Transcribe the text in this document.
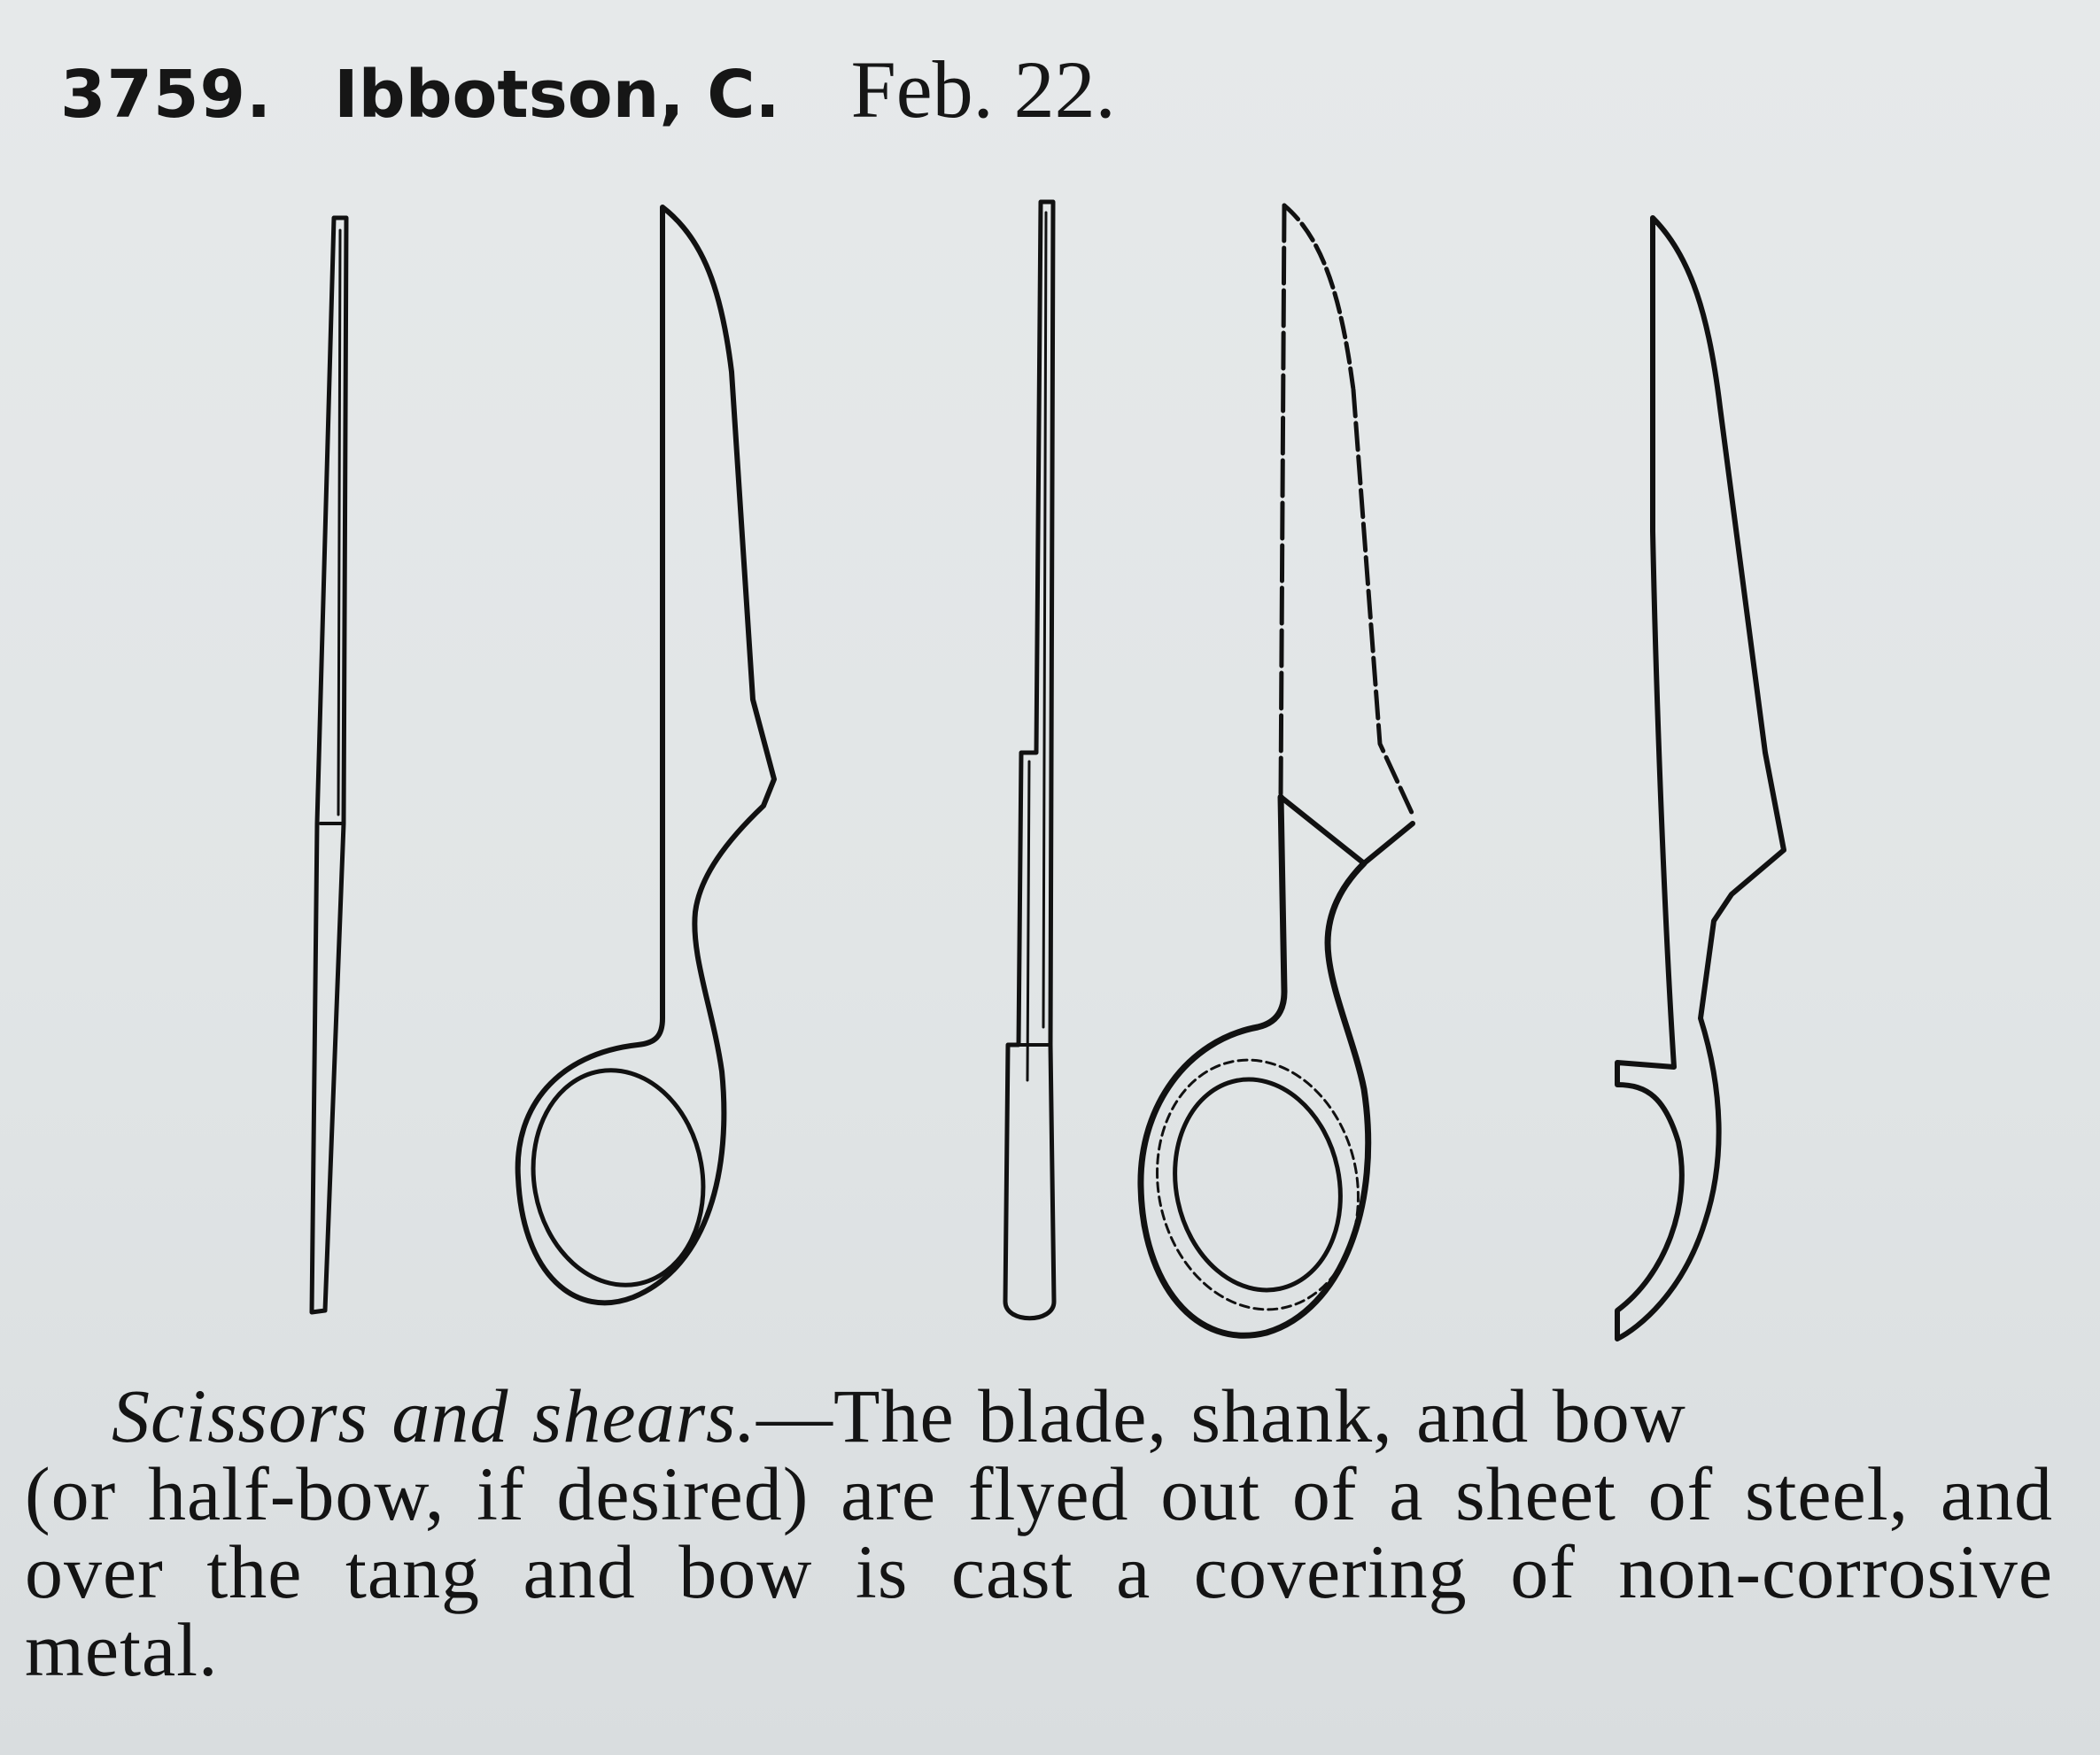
3759. Ibbotson, C. Feb. 22.
Scissors and shears.—The blade, shank, and bow
(or half-bow, if desired) are flyed out of a sheet of steel, and over the tang and bow is cast a covering of non-corrosive metal.
